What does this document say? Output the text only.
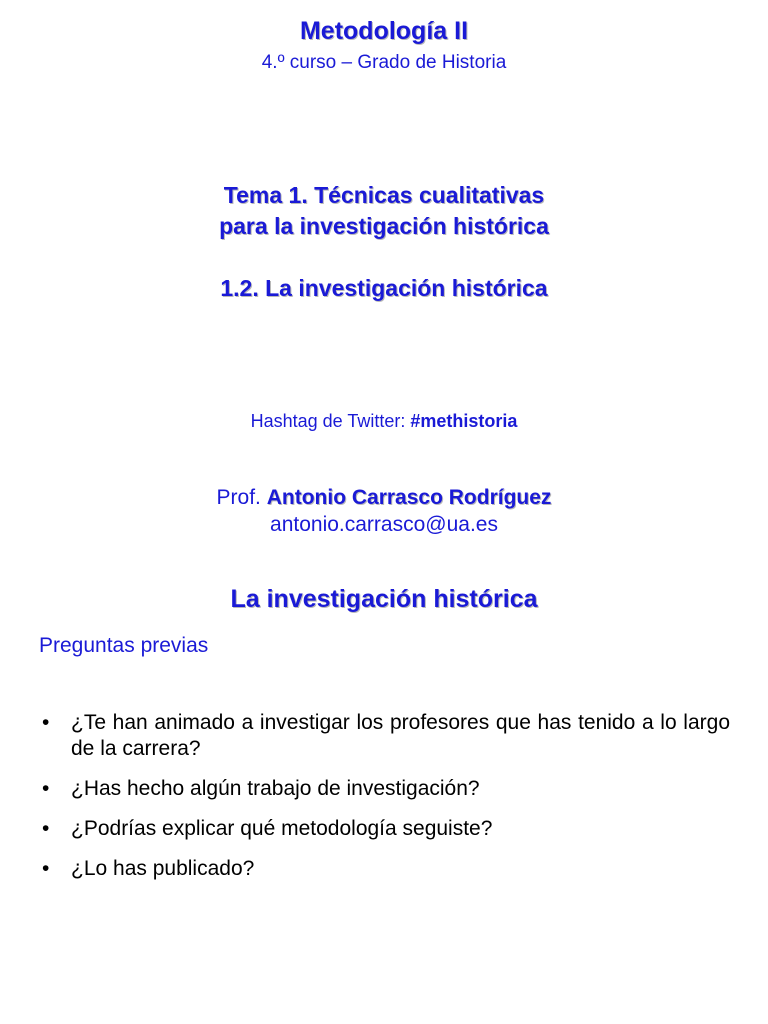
Metodología II
4.º curso – Grado de Historia
Tema 1. Técnicas cualitativas
para la investigación histórica
1.2. La investigación histórica
Hashtag de Twitter: #methistoria
Prof. Antonio Carrasco Rodríguez
antonio.carrasco@ua.es
La investigación histórica
Preguntas previas
• ¿Te han animado a investigar los profesores que has tenido a lo largo de la carrera?
• ¿Has hecho algún trabajo de investigación?
• ¿Podrías explicar qué metodología seguiste?
• ¿Lo has publicado?
